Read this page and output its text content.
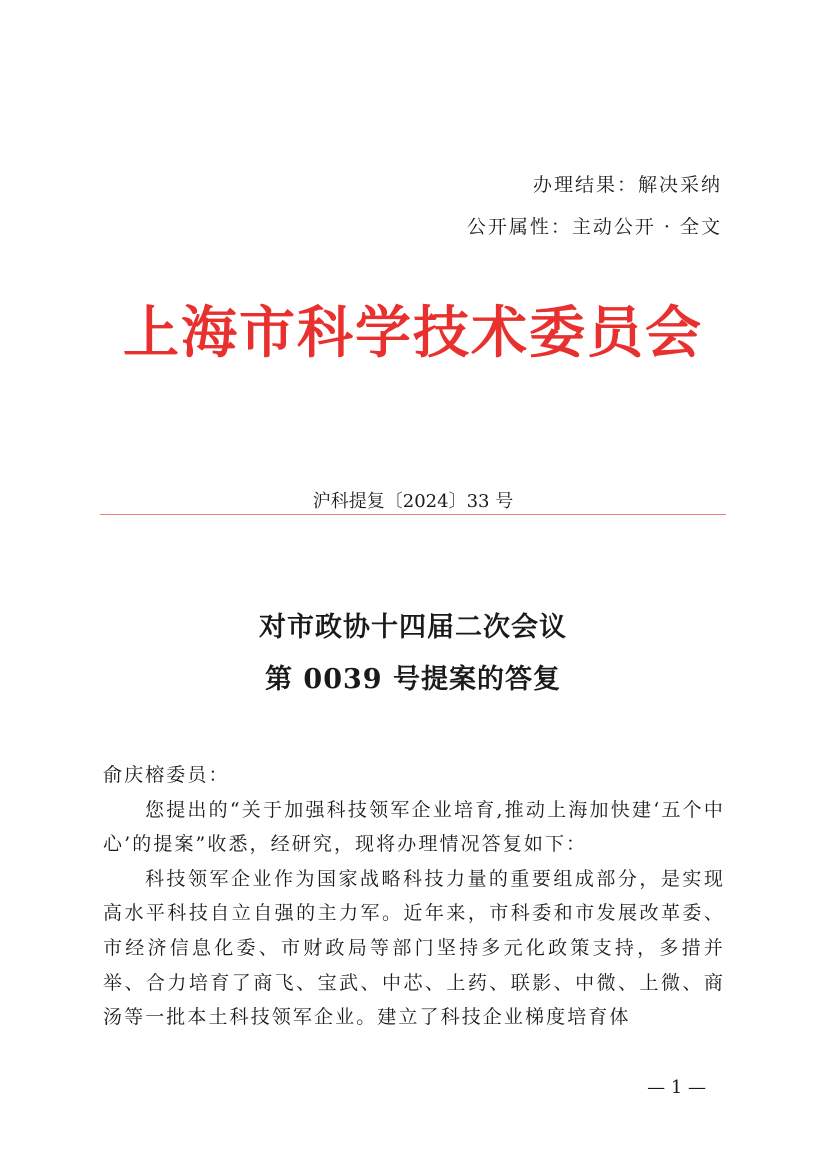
办理结果：解决采纳
公开属性：主动公开 · 全文
上海市科学技术委员会
沪科提复〔2024〕33 号
对市政协十四届二次会议
第 0039 号提案的答复

俞庆榕委员：

您提出的“关于加强科技领军企业培育,推动上海加快建‘五个中心’的提案”收悉，经研究，现将办理情况答复如下：

科技领军企业作为国家战略科技力量的重要组成部分，是实现高水平科技自立自强的主力军。近年来，市科委和市发展改革委、市经济信息化委、市财政局等部门坚持多元化政策支持，多措并举、合力培育了商飞、宝武、中芯、上药、联影、中微、上微、商汤等一批本土科技领军企业。建立了科技企业梯度培育体

— 1 —
